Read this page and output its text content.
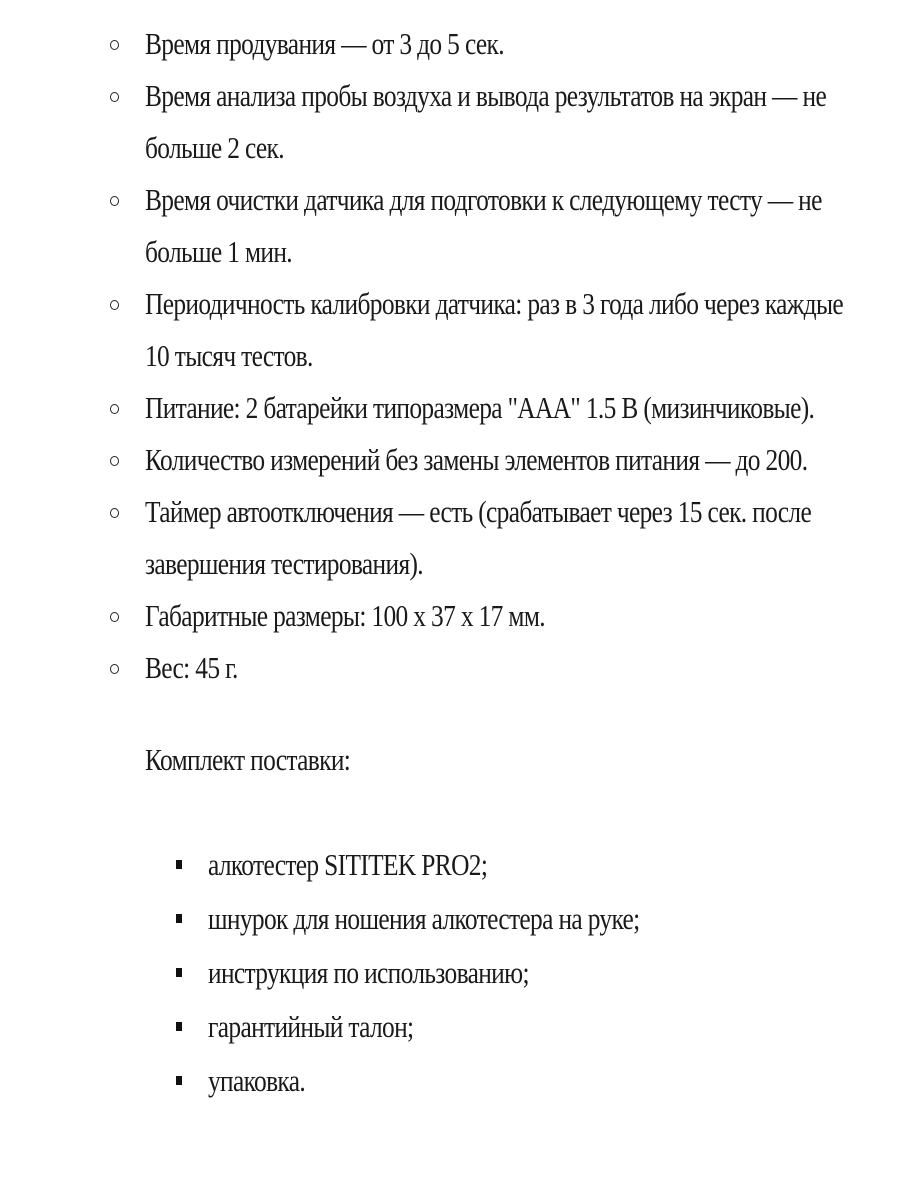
Время продувания — от 3 до 5 сек.
Время анализа пробы воздуха и вывода результатов на экран — не больше 2 сек.
Время очистки датчика для подготовки к следующему тесту — не больше 1 мин.
Периодичность калибровки датчика: раз в 3 года либо через каждые 10 тысяч тестов.
Питание: 2 батарейки типоразмера "AAA" 1.5 В (мизинчиковые).
Количество измерений без замены элементов питания — до 200.
Таймер автоотключения — есть (срабатывает через 15 сек. после завершения тестирования).
Габаритные размеры: 100 x 37 x 17 мм.
Вес: 45 г.
Комплект поставки:
алкотестер SITITEK PRO2;
шнурок для ношения алкотестера на руке;
инструкция по использованию;
гарантийный талон;
упаковка.
